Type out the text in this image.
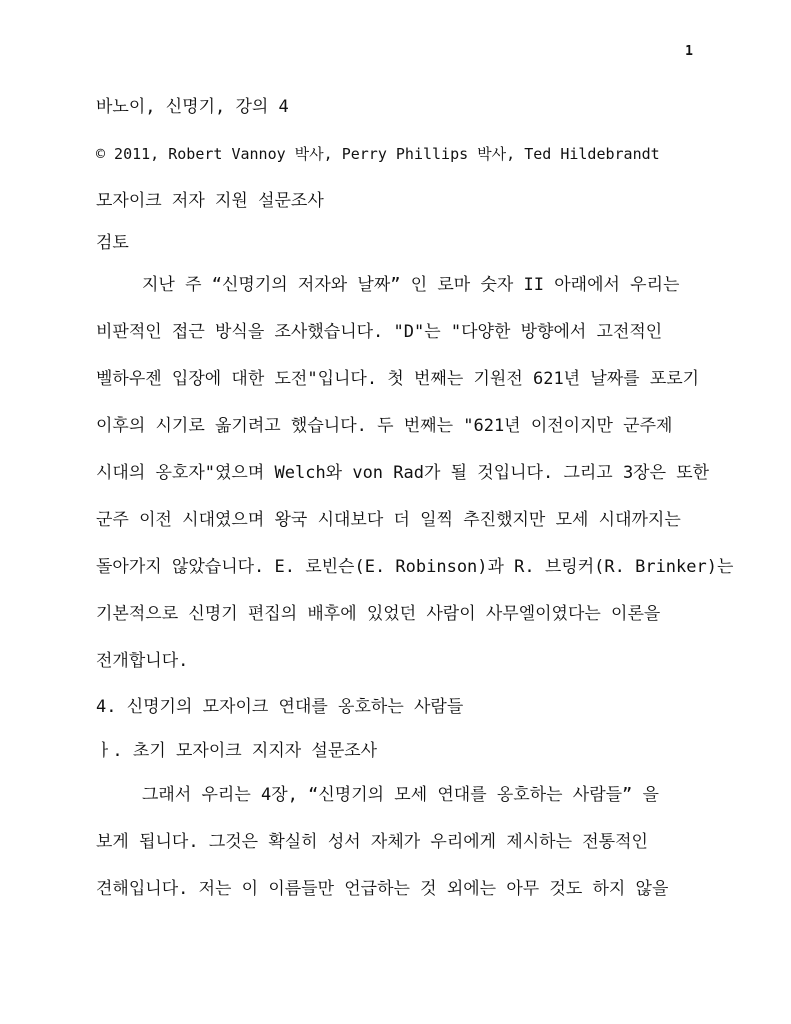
1
바노이, 신명기, 강의 4
© 2011, Robert Vannoy 박사, Perry Phillips 박사, Ted Hildebrandt
모자이크 저자 지원 설문조사
검토
지난 주 “신명기의 저자와 날짜” 인 로마 숫자 II 아래에서 우리는
비판적인 접근 방식을 조사했습니다. "D"는 "다양한 방향에서 고전적인
벨하우젠 입장에 대한 도전"입니다. 첫 번째는 기원전 621년 날짜를 포로기
이후의 시기로 옮기려고 했습니다. 두 번째는 "621년 이전이지만 군주제
시대의 옹호자"였으며 Welch와 von Rad가 될 것입니다. 그리고 3장은 또한
군주 이전 시대였으며 왕국 시대보다 더 일찍 추진했지만 모세 시대까지는
돌아가지 않았습니다. E. 로빈슨(E. Robinson)과 R. 브링커(R. Brinker)는
기본적으로 신명기 편집의 배후에 있었던 사람이 사무엘이였다는 이론을
전개합니다.
4. 신명기의 모자이크 연대를 옹호하는 사람들
ㅏ. 초기 모자이크 지지자 설문조사
그래서 우리는 4장, “신명기의 모세 연대를 옹호하는 사람들” 을
보게 됩니다. 그것은 확실히 성서 자체가 우리에게 제시하는 전통적인
견해입니다. 저는 이 이름들만 언급하는 것 외에는 아무 것도 하지 않을
